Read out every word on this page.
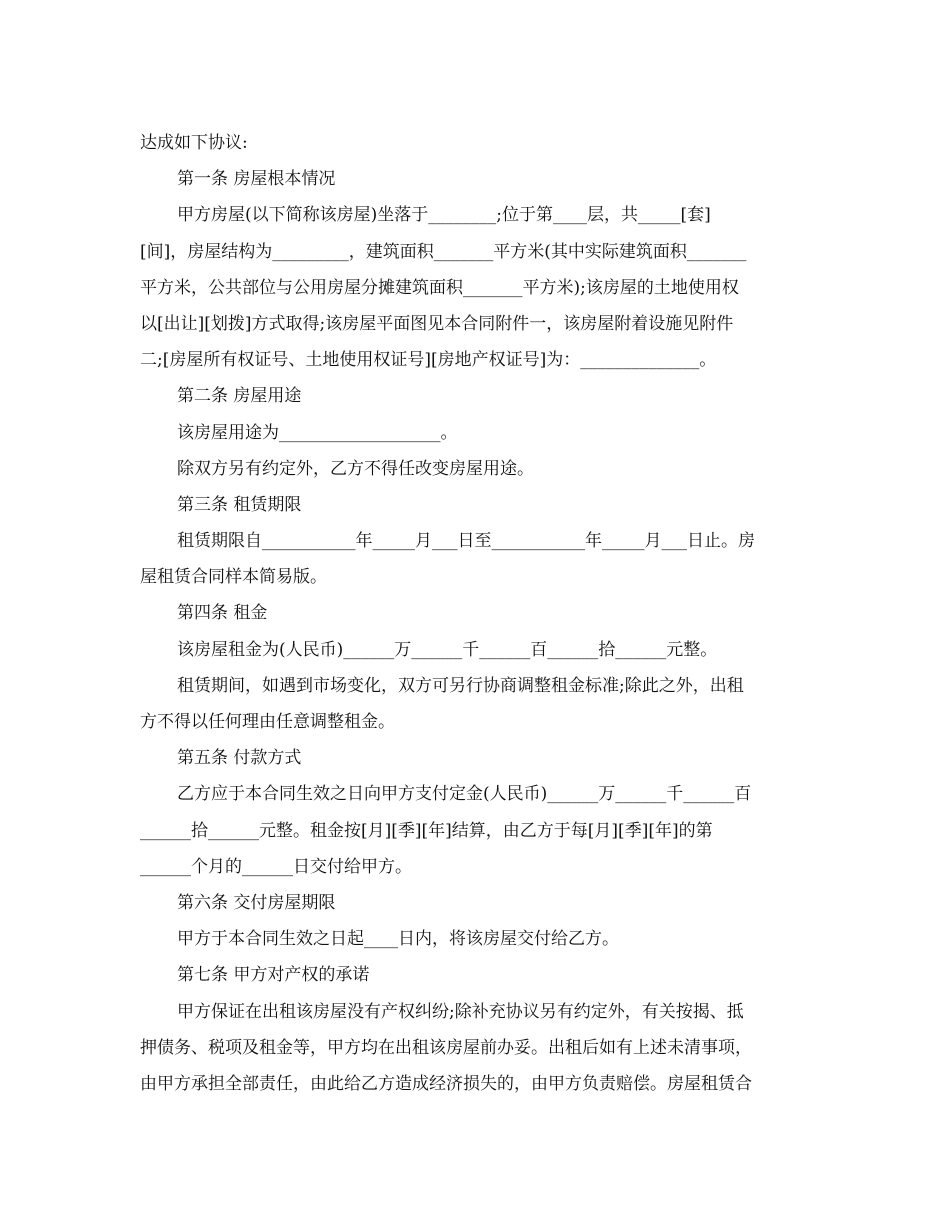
达成如下协议:
第一条 房屋根本情况
甲方房屋(以下简称该房屋)坐落于________;位于第____层，共_____[套]
[间]，房屋结构为_________，建筑面积_______平方米(其中实际建筑面积_______
平方米，公共部位与公用房屋分摊建筑面积_______平方米);该房屋的土地使用权
以[出让][划拨]方式取得;该房屋平面图见本合同附件一，该房屋附着设施见附件
二;[房屋所有权证号、土地使用权证号][房地产权证号]为：______________。
第二条 房屋用途
该房屋用途为___________________。
除双方另有约定外，乙方不得任改变房屋用途。
第三条 租赁期限
租赁期限自___________年_____月___日至___________年_____月___日止。房
屋租赁合同样本简易版。
第四条 租金
该房屋租金为(人民币)______万______千______百______拾______元整。
租赁期间，如遇到市场变化，双方可另行协商调整租金标准;除此之外，出租
方不得以任何理由任意调整租金。
第五条 付款方式
乙方应于本合同生效之日向甲方支付定金(人民币)______万______千______百
______拾______元整。租金按[月][季][年]结算，由乙方于每[月][季][年]的第
______个月的______日交付给甲方。
第六条 交付房屋期限
甲方于本合同生效之日起____日内，将该房屋交付给乙方。
第七条 甲方对产权的承诺
甲方保证在出租该房屋没有产权纠纷;除补充协议另有约定外，有关按揭、抵
押债务、税项及租金等，甲方均在出租该房屋前办妥。出租后如有上述未清事项，
由甲方承担全部责任，由此给乙方造成经济损失的，由甲方负责赔偿。房屋租赁合
